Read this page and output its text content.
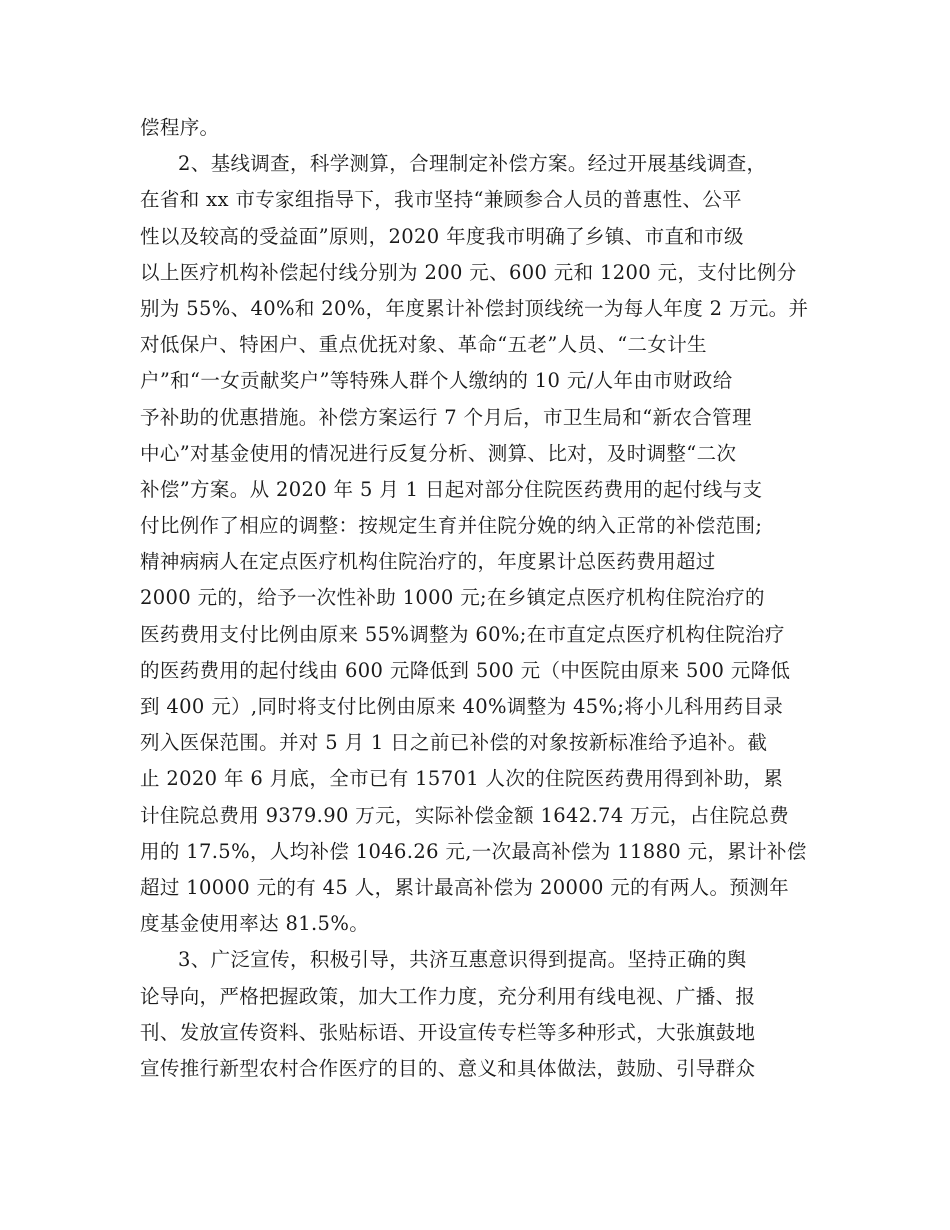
偿程序。
2、基线调查，科学测算，合理制定补偿方案。经过开展基线调查，
在省和 xx 市专家组指导下，我市坚持“兼顾参合人员的普惠性、公平
性以及较高的受益面”原则，2020 年度我市明确了乡镇、市直和市级
以上医疗机构补偿起付线分别为 200 元、600 元和 1200 元，支付比例分
别为 55%、40%和 20%，年度累计补偿封顶线统一为每人年度 2 万元。并
对低保户、特困户、重点优抚对象、革命“五老”人员、“二女计生
户”和“一女贡献奖户”等特殊人群个人缴纳的 10 元/人年由市财政给
予补助的优惠措施。补偿方案运行 7 个月后，市卫生局和“新农合管理
中心”对基金使用的情况进行反复分析、测算、比对，及时调整“二次
补偿”方案。从 2020 年 5 月 1 日起对部分住院医药费用的起付线与支
付比例作了相应的调整：按规定生育并住院分娩的纳入正常的补偿范围;
精神病病人在定点医疗机构住院治疗的，年度累计总医药费用超过
2000 元的，给予一次性补助 1000 元;在乡镇定点医疗机构住院治疗的
医药费用支付比例由原来 55%调整为 60%;在市直定点医疗机构住院治疗
的医药费用的起付线由 600 元降低到 500 元（中医院由原来 500 元降低
到 400 元）,同时将支付比例由原来 40%调整为 45%;将小儿科用药目录
列入医保范围。并对 5 月 1 日之前已补偿的对象按新标准给予追补。截
止 2020 年 6 月底，全市已有 15701 人次的住院医药费用得到补助，累
计住院总费用 9379.90 万元，实际补偿金额 1642.74 万元，占住院总费
用的 17.5%，人均补偿 1046.26 元,一次最高补偿为 11880 元，累计补偿
超过 10000 元的有 45 人，累计最高补偿为 20000 元的有两人。预测年
度基金使用率达 81.5%。
3、广泛宣传，积极引导，共济互惠意识得到提高。坚持正确的舆
论导向，严格把握政策，加大工作力度，充分利用有线电视、广播、报
刊、发放宣传资料、张贴标语、开设宣传专栏等多种形式，大张旗鼓地
宣传推行新型农村合作医疗的目的、意义和具体做法，鼓励、引导群众
